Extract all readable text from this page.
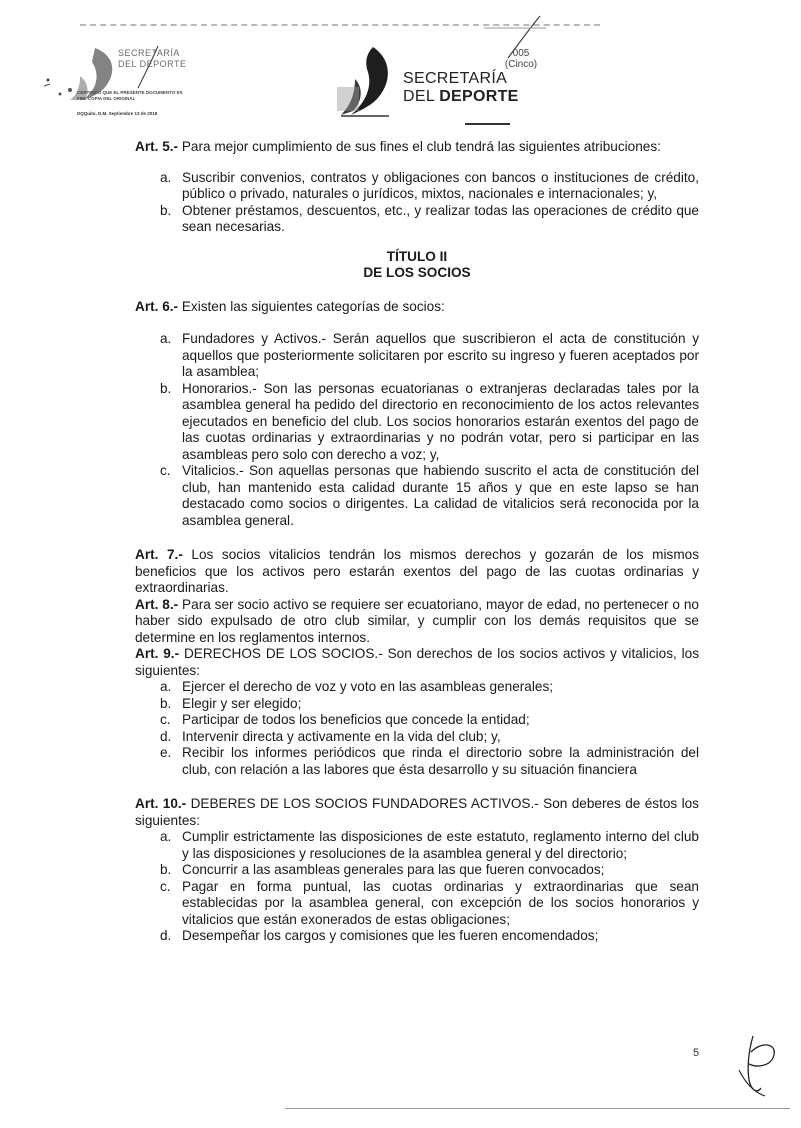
SECRETARÍA
DEL DEPORTE
CERTIFICO QUE EL PRESENTE DOCUMENTO ES FIEL COPIA DEL ORIGINAL
DQQuito, D.M. Septiembre 13 de 2018
SECRETARÍA
DEL DEPORTE
005
(Cinco)

Art. 5.- Para mejor cumplimiento de sus fines el club tendrá las siguientes atribuciones:

a. Suscribir convenios, contratos y obligaciones con bancos o instituciones de crédito, público o privado, naturales o jurídicos, mixtos, nacionales e internacionales; y,
b. Obtener préstamos, descuentos, etc., y realizar todas las operaciones de crédito que sean necesarias.
TÍTULO II
DE LOS SOCIOS

Art. 6.- Existen las siguientes categorías de socios:

a. Fundadores y Activos.- Serán aquellos que suscribieron el acta de constitución y aquellos que posteriormente solicitaren por escrito su ingreso y fueren aceptados por la asamblea;
b. Honorarios.- Son las personas ecuatorianas o extranjeras declaradas tales por la asamblea general ha pedido del directorio en reconocimiento de los actos relevantes ejecutados en beneficio del club. Los socios honorarios estarán exentos del pago de las cuotas ordinarias y extraordinarias y no podrán votar, pero si participar en las asambleas pero solo con derecho a voz; y,
c. Vitalicios.- Son aquellas personas que habiendo suscrito el acta de constitución del club, han mantenido esta calidad durante 15 años y que en este lapso se han destacado como socios o dirigentes. La calidad de vitalicios será reconocida por la asamblea general.

Art. 7.- Los socios vitalicios tendrán los mismos derechos y gozarán de los mismos beneficios que los activos pero estarán exentos del pago de las cuotas ordinarias y extraordinarias.

Art. 8.- Para ser socio activo se requiere ser ecuatoriano, mayor de edad, no pertenecer o no haber sido expulsado de otro club similar, y cumplir con los demás requisitos que se determine en los reglamentos internos.

Art. 9.- DERECHOS DE LOS SOCIOS.- Son derechos de los socios activos y vitalicios, los siguientes:

a. Ejercer el derecho de voz y voto en las asambleas generales;
b. Elegir y ser elegido;
c. Participar de todos los beneficios que concede la entidad;
d. Intervenir directa y activamente en la vida del club; y,
e. Recibir los informes periódicos que rinda el directorio sobre la administración del club, con relación a las labores que ésta desarrollo y su situación financiera

Art. 10.- DEBERES DE LOS SOCIOS FUNDADORES ACTIVOS.- Son deberes de éstos los siguientes:

a. Cumplir estrictamente las disposiciones de este estatuto, reglamento interno del club y las disposiciones y resoluciones de la asamblea general y del directorio;
b. Concurrir a las asambleas generales para las que fueren convocados;
c. Pagar en forma puntual, las cuotas ordinarias y extraordinarias que sean establecidas por la asamblea general, con excepción de los socios honorarios y vitalicios que están exonerados de estas obligaciones;
d. Desempeñar los cargos y comisiones que les fueren encomendados;
5
